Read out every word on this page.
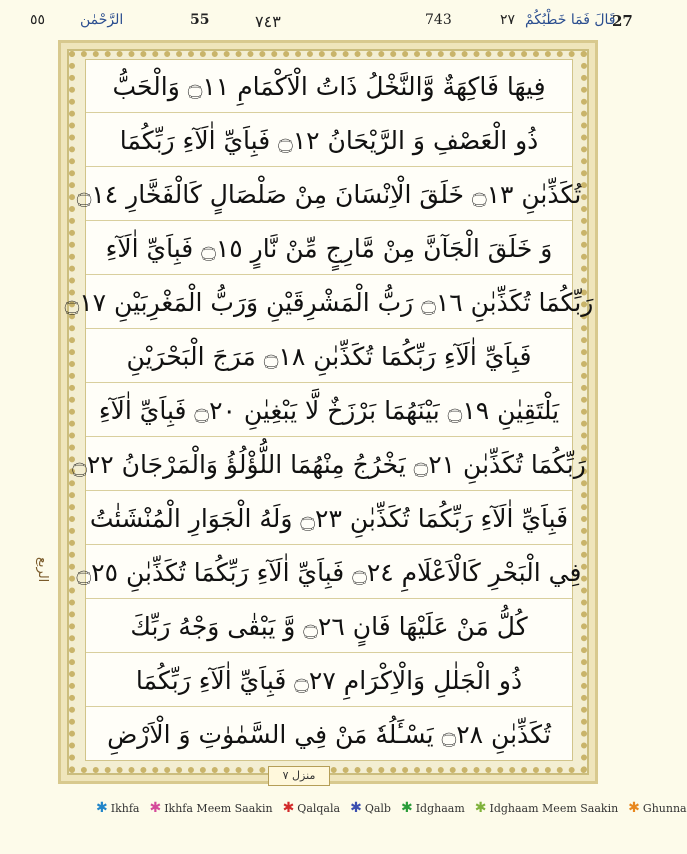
27
قَالَ فَمَا خَطْبُكُمْ
٢٧
743
٧٤٣
55
الرَّحْمٰن
٥٥
الربع
فِيهَا فَاكِهَةٌ وَّالنَّخْلُ ذَاتُ الْاَكْمَامِ ۝١١ وَالْحَبُّ
ذُو الْعَصْفِ وَ الرَّيْحَانُ ۝١٢ فَبِاَيِّ اٰلَآءِ رَبِّكُمَا
تُكَذِّبٰنِ ۝١٣ خَلَقَ الْاِنْسَانَ مِنْ صَلْصَالٍ كَالْفَخَّارِ ۝١٤
وَ خَلَقَ الْجَآنَّ مِنْ مَّارِجٍ مِّنْ نَّارٍ ۝١٥ فَبِاَيِّ اٰلَآءِ
رَبِّكُمَا تُكَذِّبٰنِ ۝١٦ رَبُّ الْمَشْرِقَيْنِ وَرَبُّ الْمَغْرِبَيْنِ ۝١٧
فَبِاَيِّ اٰلَآءِ رَبِّكُمَا تُكَذِّبٰنِ ۝١٨ مَرَجَ الْبَحْرَيْنِ
يَلْتَقِيٰنِ ۝١٩ بَيْنَهُمَا بَرْزَخٌ لَّا يَبْغِيٰنِ ۝٢٠ فَبِاَيِّ اٰلَآءِ
رَبِّكُمَا تُكَذِّبٰنِ ۝٢١ يَخْرُجُ مِنْهُمَا اللُّؤْلُؤُ وَالْمَرْجَانُ ۝٢٢
فَبِاَيِّ اٰلَآءِ رَبِّكُمَا تُكَذِّبٰنِ ۝٢٣ وَلَهُ الْجَوَارِ الْمُنْشَئٰتُ
فِي الْبَحْرِ كَالْاَعْلَامِ ۝٢٤ فَبِاَيِّ اٰلَآءِ رَبِّكُمَا تُكَذِّبٰنِ ۝٢٥
كُلُّ مَنْ عَلَيْهَا فَانٍ ۝٢٦ وَّ يَبْقٰى وَجْهُ رَبِّكَ
ذُو الْجَلٰلِ وَالْاِكْرَامِ ۝٢٧ فَبِاَيِّ اٰلَآءِ رَبِّكُمَا
تُكَذِّبٰنِ ۝٢٨ يَسْـَٔلُهٗ مَنْ فِي السَّمٰوٰتِ وَ الْاَرْضِ
منزل ٧
✱ Ikhfa ✱ Ikhfa Meem Saakin ✱ Qalqala ✱ Qalb ✱ Idghaam ✱ Idghaam Meem Saakin ✱ Ghunna
